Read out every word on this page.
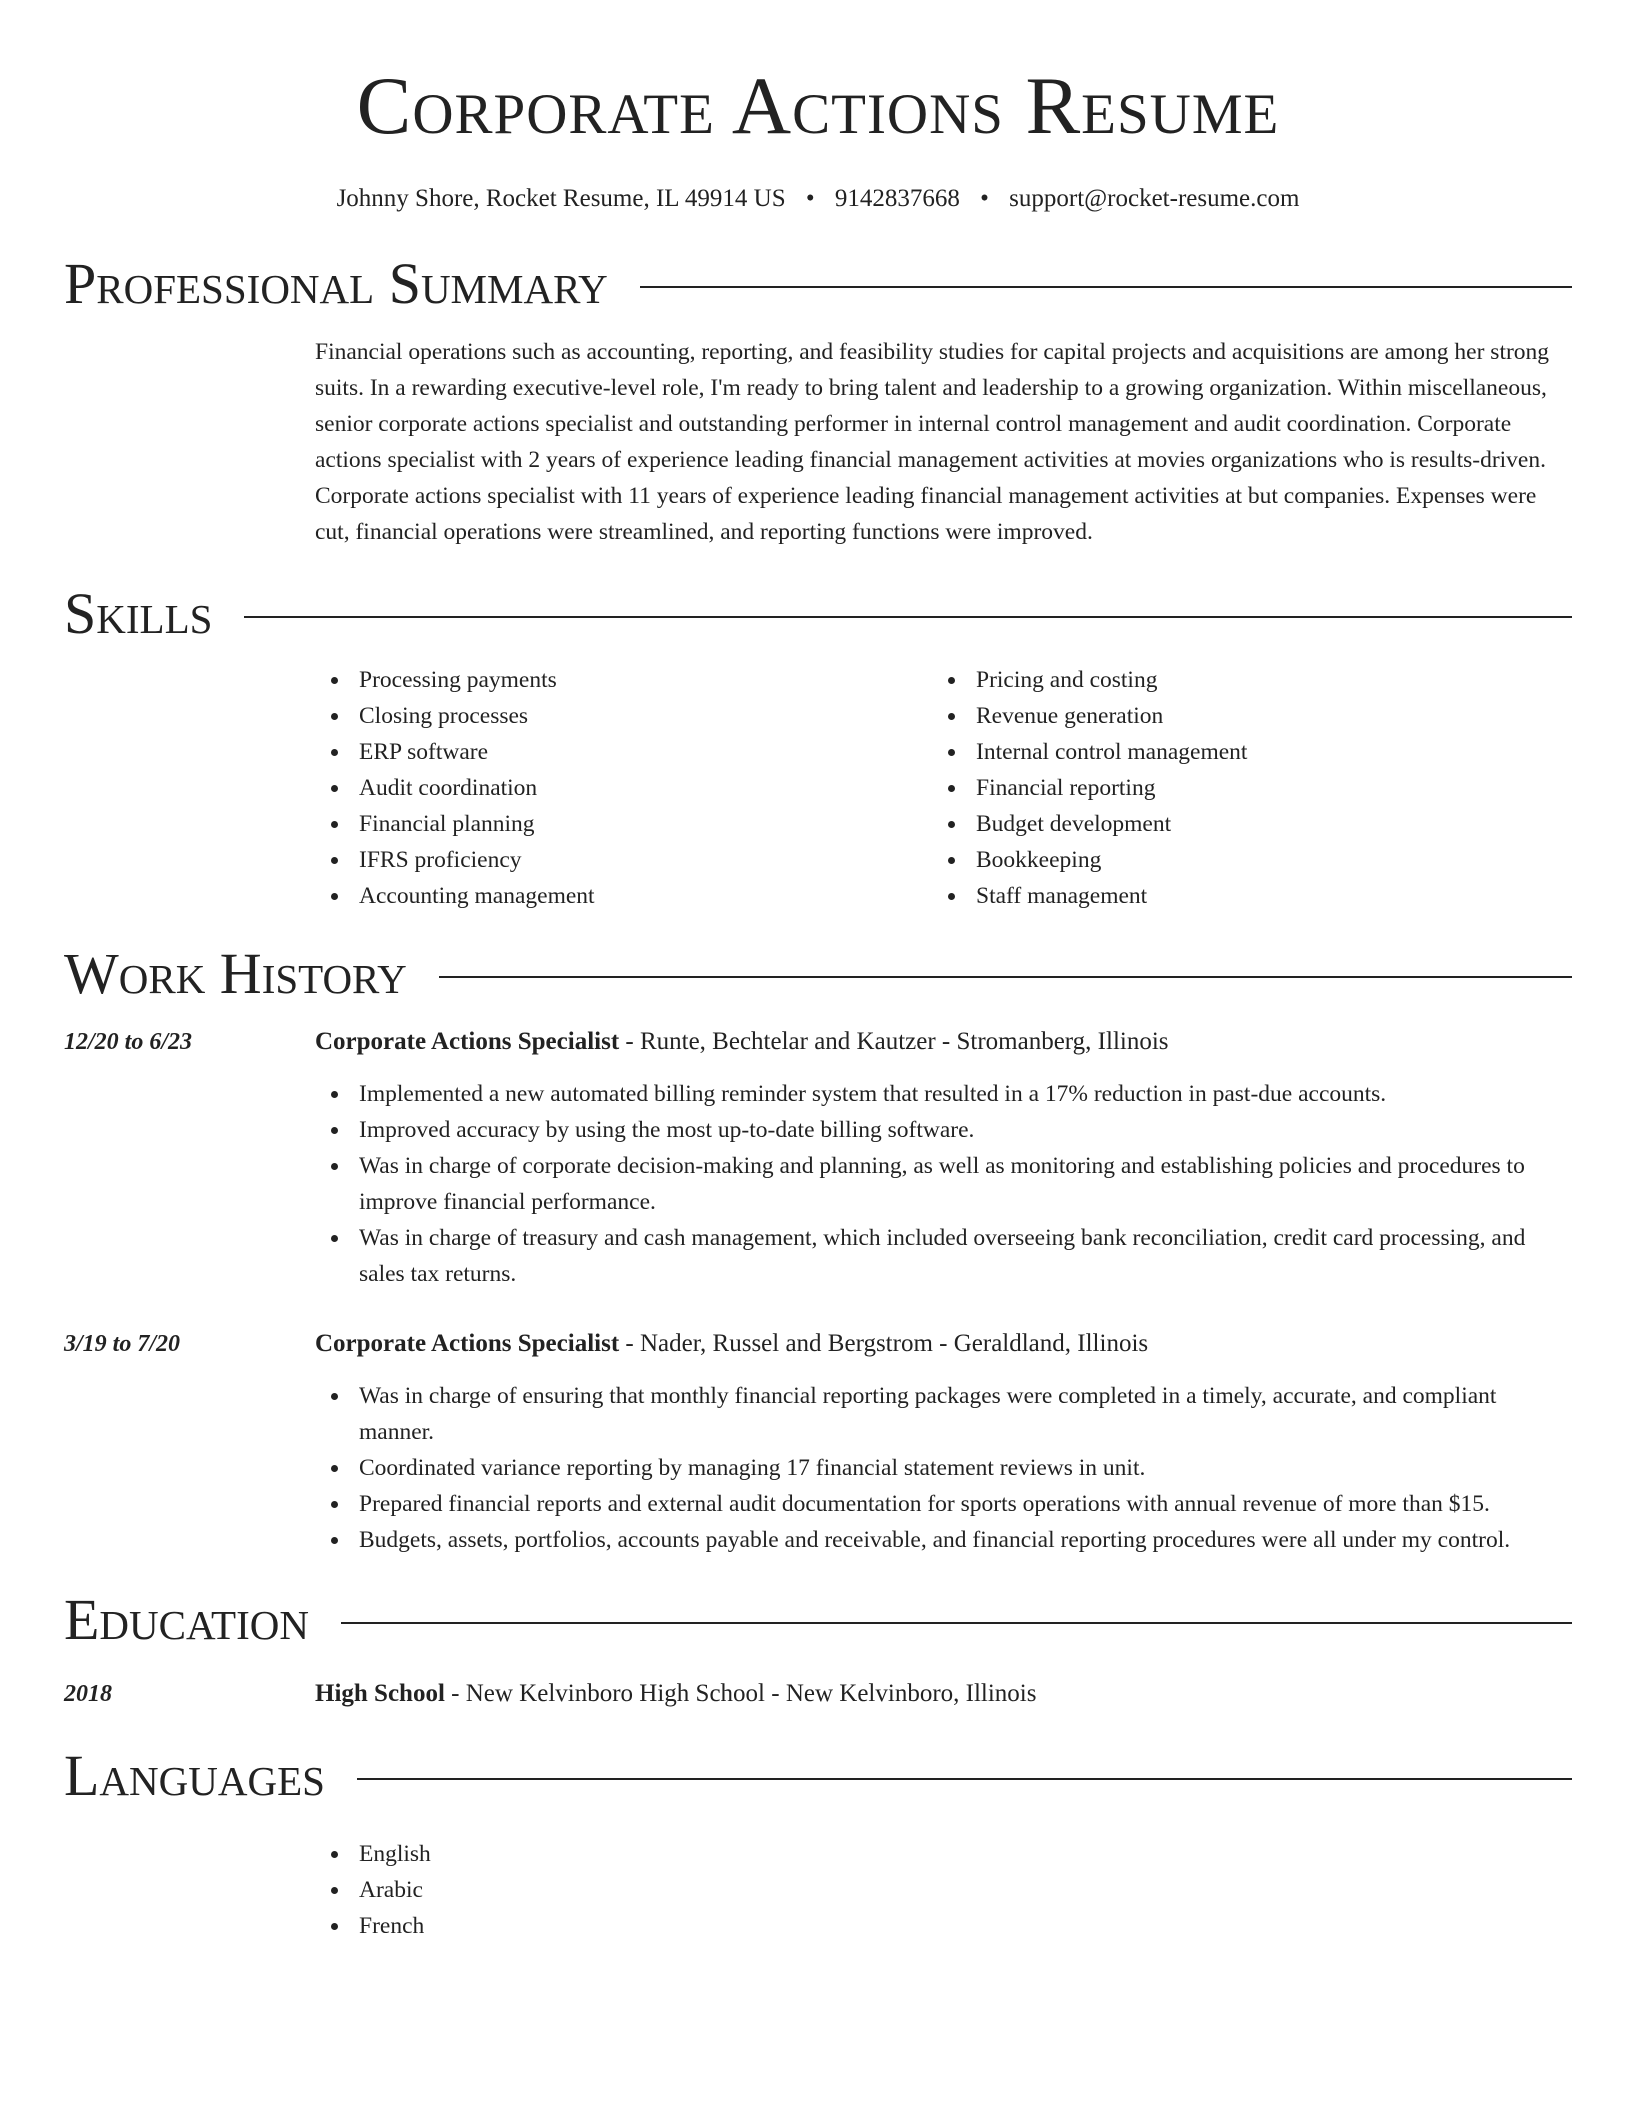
Corporate Actions Resume
Johnny Shore, Rocket Resume, IL 49914 US • 9142837668 • support@rocket-resume.com
Professional Summary
Financial operations such as accounting, reporting, and feasibility studies for capital projects and acquisitions are among her strong suits. In a rewarding executive-level role, I'm ready to bring talent and leadership to a growing organization. Within miscellaneous, senior corporate actions specialist and outstanding performer in internal control management and audit coordination. Corporate actions specialist with 2 years of experience leading financial management activities at movies organizations who is results-driven. Corporate actions specialist with 11 years of experience leading financial management activities at but companies. Expenses were cut, financial operations were streamlined, and reporting functions were improved.
Skills
Processing payments
Closing processes
ERP software
Audit coordination
Financial planning
IFRS proficiency
Accounting management
Pricing and costing
Revenue generation
Internal control management
Financial reporting
Budget development
Bookkeeping
Staff management
Work History
12/20 to 6/23	Corporate Actions Specialist - Runte, Bechtelar and Kautzer - Stromanberg, Illinois
Implemented a new automated billing reminder system that resulted in a 17% reduction in past-due accounts.
Improved accuracy by using the most up-to-date billing software.
Was in charge of corporate decision-making and planning, as well as monitoring and establishing policies and procedures to improve financial performance.
Was in charge of treasury and cash management, which included overseeing bank reconciliation, credit card processing, and sales tax returns.
3/19 to 7/20	Corporate Actions Specialist - Nader, Russel and Bergstrom - Geraldland, Illinois
Was in charge of ensuring that monthly financial reporting packages were completed in a timely, accurate, and compliant manner.
Coordinated variance reporting by managing 17 financial statement reviews in unit.
Prepared financial reports and external audit documentation for sports operations with annual revenue of more than $15.
Budgets, assets, portfolios, accounts payable and receivable, and financial reporting procedures were all under my control.
Education
2018	High School - New Kelvinboro High School - New Kelvinboro, Illinois
Languages
English
Arabic
French
